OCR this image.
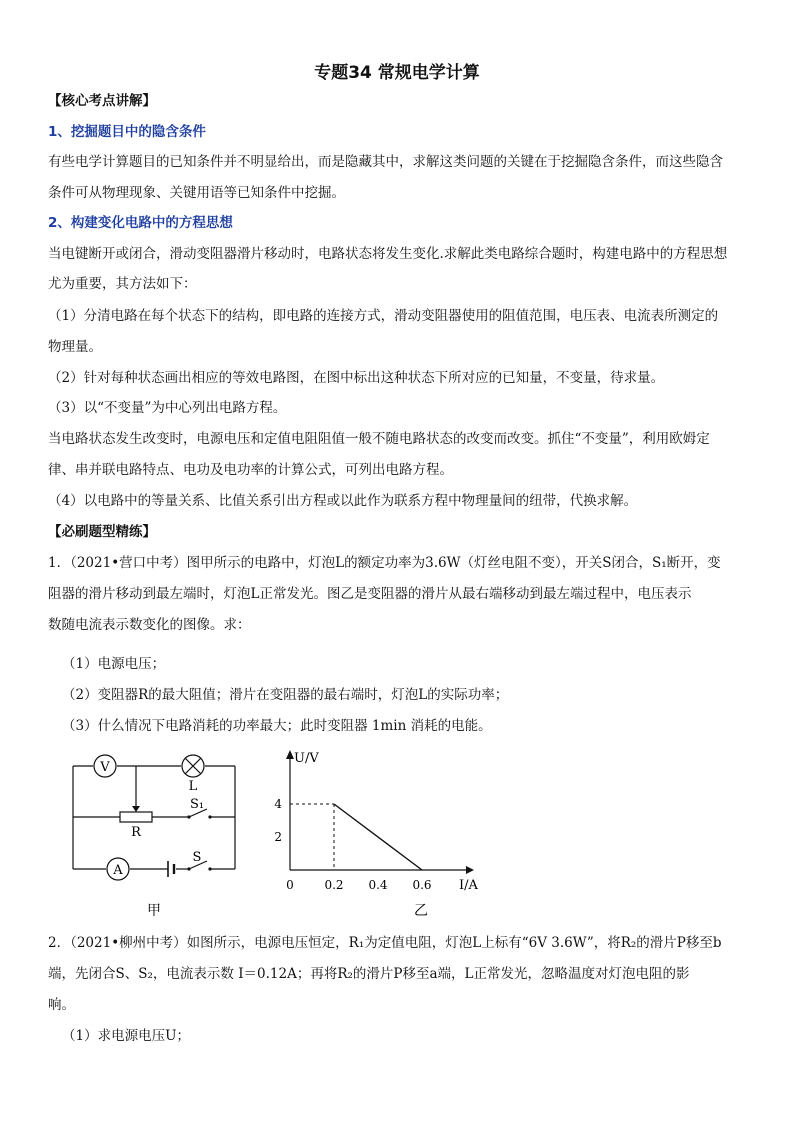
专题34 常规电学计算
【核心考点讲解】
1、挖掘题目中的隐含条件
有些电学计算题目的已知条件并不明显给出，而是隐藏其中，求解这类问题的关键在于挖掘隐含条件，而这些隐含
条件可从物理现象、关键用语等已知条件中挖掘。
2、构建变化电路中的方程思想
当电键断开或闭合，滑动变阻器滑片移动时，电路状态将发生变化.求解此类电路综合题时，构建电路中的方程思想
尤为重要，其方法如下：
（1）分清电路在每个状态下的结构，即电路的连接方式，滑动变阻器使用的阻值范围，电压表、电流表所测定的
物理量。
（2）针对每种状态画出相应的等效电路图，在图中标出这种状态下所对应的已知量，不变量，待求量。
（3）以“不变量”为中心列出电路方程。
当电路状态发生改变时，电源电压和定值电阻阻值一般不随电路状态的改变而改变。抓住“不变量”，利用欧姆定
律、串并联电路特点、电功及电功率的计算公式，可列出电路方程。
（4）以电路中的等量关系、比值关系引出方程或以此作为联系方程中物理量间的纽带，代换求解。
【必刷题型精练】
1．（2021•营口中考）图甲所示的电路中，灯泡L的额定功率为3.6W（灯丝电阻不变），开关S闭合，S₁断开，变
阻器的滑片移动到最左端时，灯泡L正常发光。图乙是变阻器的滑片从最右端移动到最左端过程中，电压表示
数随电流表示数变化的图像。求：
（1）电源电压；
（2）变阻器R的最大阻值；滑片在变阻器的最右端时，灯泡L的实际功率；
（3）什么情况下电路消耗的功率最大；此时变阻器 1min 消耗的电能。
V
L
R
S₁
A
S
甲
U/V
I/A
0	0.2 0.4 0.6
2
4
乙
2．（2021•柳州中考）如图所示，电源电压恒定，R₁为定值电阻，灯泡L上标有“6V 3.6W”，将R₂的滑片P移至b
端，先闭合S、S₂，电流表示数 I＝0.12A；再将R₂的滑片P移至a端，L正常发光，忽略温度对灯泡电阻的影
响。
（1）求电源电压U；
